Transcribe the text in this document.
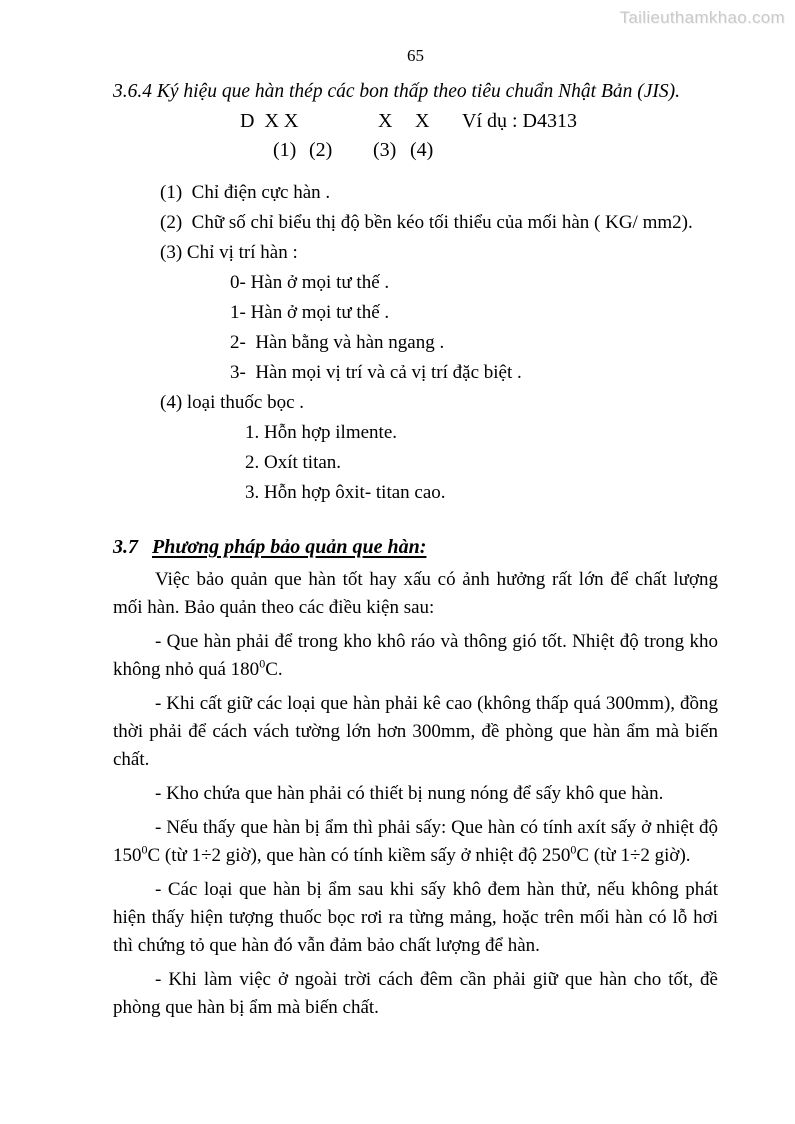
Tailieuthamkhao.com
65
3.6.4 Ký hiệu que hàn thép các bon thấp theo tiêu chuẩn Nhật Bản (JIS).
D  X X	X X Ví dụ : D4313
(1) (2) (3) (4)
(1)  Chỉ điện cực hàn .
(2)  Chữ số chỉ biểu thị độ bền kéo tối thiểu của mối hàn ( KG/ mm2).
(3) Chỉ vị trí hàn :
0- Hàn ở mọi tư thế .
1- Hàn ở mọi tư thế .
2-  Hàn bằng và hàn ngang .
3-  Hàn mọi vị trí và cả vị trí đặc biệt .
(4) loại thuốc bọc .
1. Hỗn hợp ilmente.
2. Oxít titan.
3. Hỗn hợp ôxit- titan cao.
3.7 Phương pháp bảo quản que hàn:

Việc bảo quản que hàn tốt hay xấu có ảnh hưởng rất lớn để chất lượng mối hàn. Bảo quản theo các điều kiện sau:

- Que hàn phải để trong kho khô ráo và thông gió tốt. Nhiệt độ trong kho không nhỏ quá $180^0C$.

- Khi cất giữ các loại que hàn phải kê cao (không thấp quá 300mm), đồng thời phải để cách vách tường lớn hơn 300mm, đề phòng que hàn ẩm mà biến chất.

- Kho chứa que hàn phải có thiết bị nung nóng để sấy khô que hàn.

- Nếu thấy que hàn bị ẩm thì phải sấy: Que hàn có tính axít sấy ở nhiệt độ $150^0C$ (từ 1÷2 giờ), que hàn có tính kiềm sấy ở nhiệt độ $250^0C$ (từ 1÷2 giờ).

- Các loại que hàn bị ẩm sau khi sấy khô đem hàn thử, nếu không phát hiện thấy hiện tượng thuốc bọc rơi ra từng mảng, hoặc trên mối hàn có lỗ hơi thì chứng tỏ que hàn đó vẫn đảm bảo chất lượng để hàn.

- Khi làm việc ở ngoài trời cách đêm cần phải giữ que hàn cho tốt, đề phòng que hàn bị ẩm mà biến chất.
